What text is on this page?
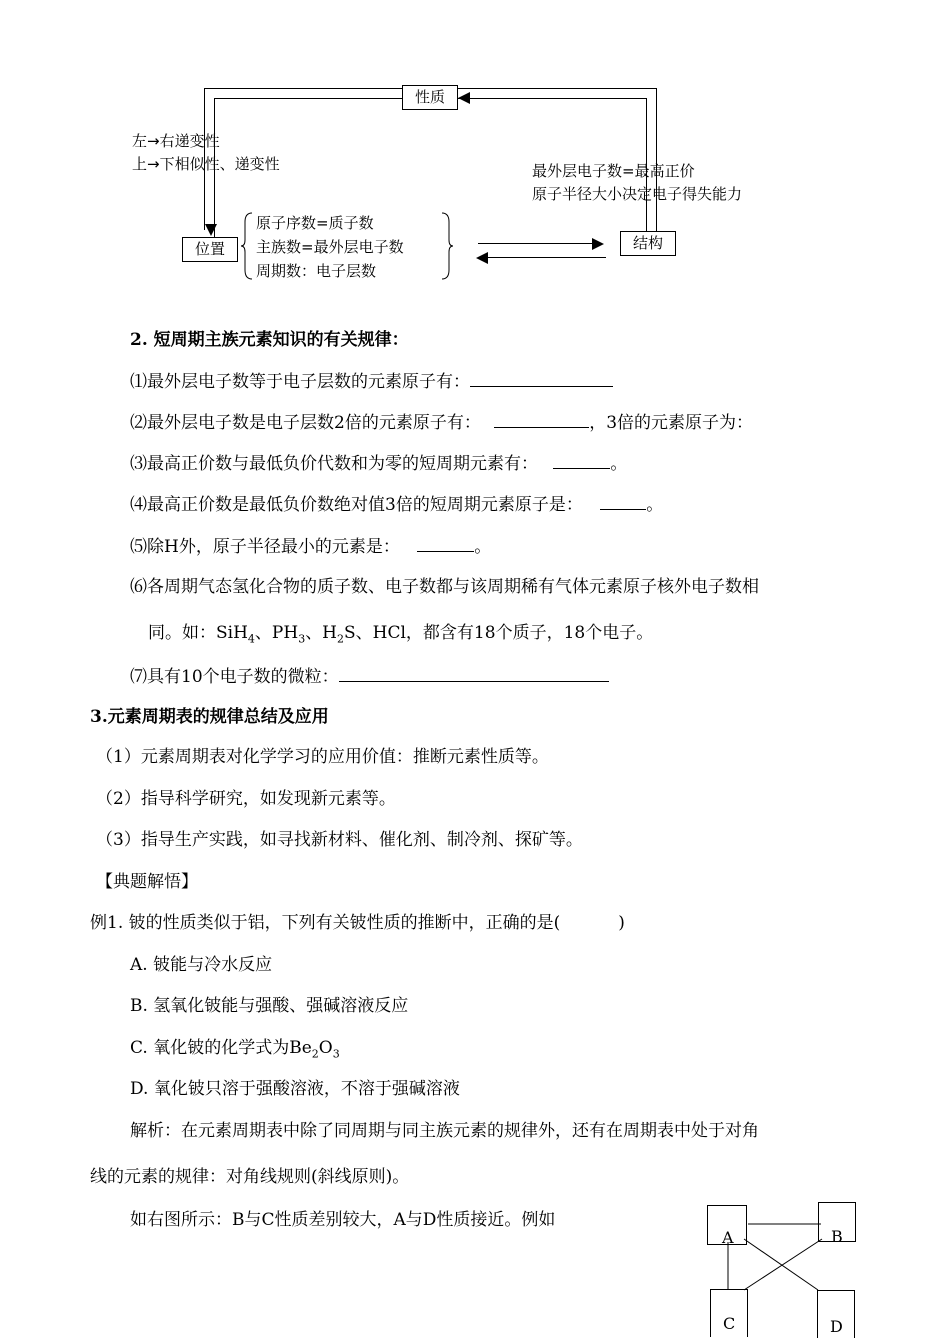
性质
位置	结构
左→右递变性
上→下相似性、递变性	最外层电子数=最高正价
原子半径大小决定电子得失能力
原子序数=质子数
主族数=最外层电子数
周期数：电子层数
2. 短周期主族元素知识的有关规律：
⑴最外层电子数等于电子层数的元素原子有：
⑵最外层电子数是电子层数2倍的元素原子有：	，3倍的元素原子为：
⑶最高正价数与最低负价代数和为零的短周期元素有：	。
⑷最高正价数是最低负价数绝对值3倍的短周期元素原子是：	。
⑸除H外，原子半径最小的元素是：	。
⑹各周期气态氢化合物的质子数、电子数都与该周期稀有气体元素原子核外电子数相
同。如：SiH$_4$、$PH_3$、$H_2S$、HCl，都含有18个质子，18个电子。
⑺具有10个电子数的微粒：
3.元素周期表的规律总结及应用
（1）元素周期表对化学学习的应用价值：推断元素性质等。
（2）指导科学研究，如发现新元素等。
（3）指导生产实践，如寻找新材料、催化剂、制冷剂、探矿等。
【典题解悟】
例1. 铍的性质类似于铝，下列有关铍性质的推断中，正确的是(	)
A. 铍能与冷水反应
B. 氢氧化铍能与强酸、强碱溶液反应
C. 氧化铍的化学式为$Be_2O_3$
D. 氧化铍只溶于强酸溶液，不溶于强碱溶液
解析：在元素周期表中除了同周期与同主族元素的规律外，还有在周期表中处于对角
线的元素的规律：对角线规则(斜线原则)。
如右图所示：B与C性质差别较大，A与D性质接近。例如
A	B
C	D
